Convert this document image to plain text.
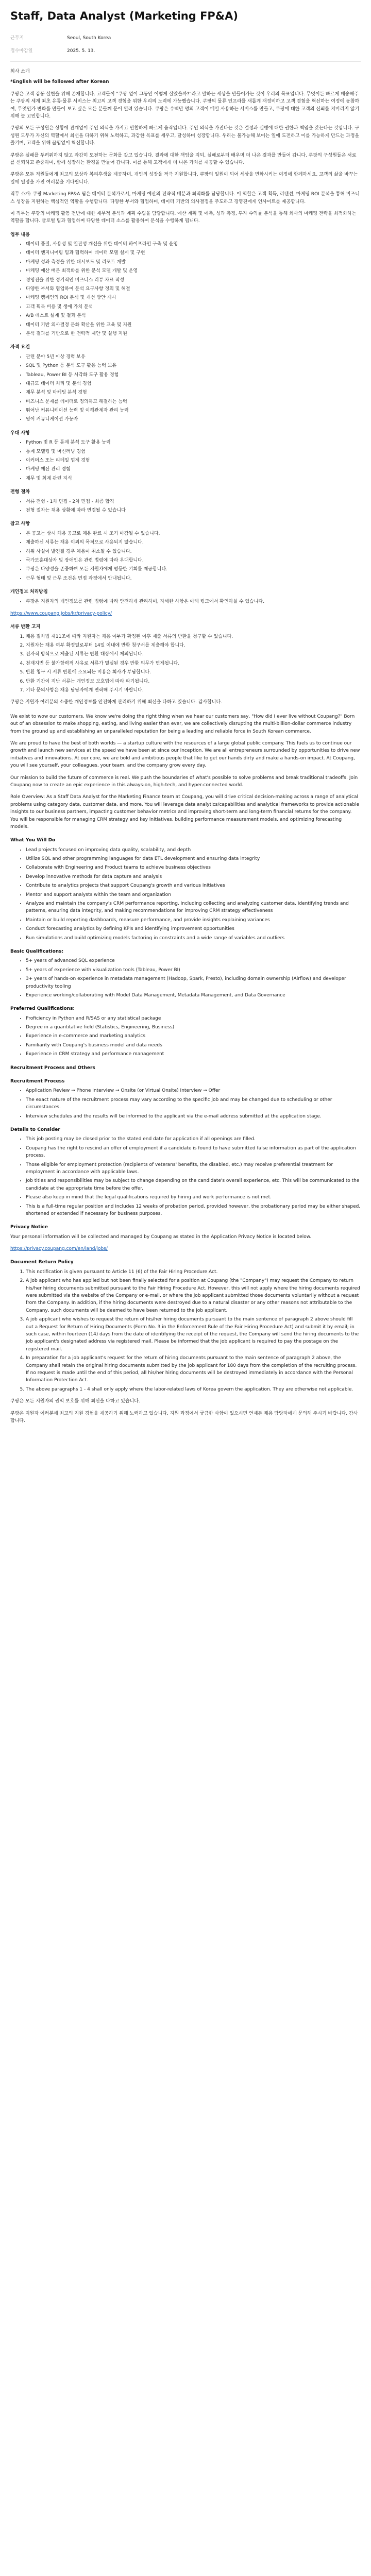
Staff, Data Analyst (Marketing FP&A)
근무지	Seoul, South Korea
접수마감일	2025. 5. 13.
회사 소개

*English will be followed after Korean

쿠팡은 고객 감동 실현을 위해 존재합니다. 고객들이 "쿠팡 없이 그동안 어떻게 살았을까?"라고 말하는 세상을 만들어가는 것이 우리의 목표입니다. 무엇이든 빠르게 배송해주는 쿠팡의 세계 최초 유통·물류 서비스는 최고의 고객 경험을 위한 우리의 노력에 가능했습니다. 쿠팡의 물류 인프라를 새롭게 재정비하고 고객 경험을 혁신하는 여정에 동참하여, 무엇인가 변화를 만들어 보고 싶은 모든 분들께 문이 열려 있습니다. 쿠팡은 수백만 명의 고객이 매일 사용하는 서비스를 만들고, 쿠팡에 대한 고객의 신뢰를 저버리지 않기 위해 늘 고민합니다.

쿠팡의 모든 구성원은 상황에 관계없이 주인 의식을 가지고 민첩하게 빠르게 움직입니다. 주인 의식을 가진다는 것은 결정과 실행에 대한 권한과 책임을 갖는다는 것입니다. 구성원 모두가 자신의 역할에서 최선을 다하기 위해 노력하고, 과감한 목표를 세우고, 달성하며 성장합니다. 우리는 불가능해 보이는 일에 도전하고 이를 가능하게 만드는 과정을 즐기며, 고객을 위해 끊임없이 혁신합니다.

쿠팡은 실패를 두려워하지 않고 과감히 도전하는 문화를 갖고 있습니다. 결과에 대한 책임을 지되, 실패로부터 배우며 더 나은 결과를 만들어 갑니다. 쿠팡의 구성원들은 서로를 신뢰하고 존중하며, 함께 성장하는 환경을 만들어 갑니다. 이를 통해 고객에게 더 나은 가치를 제공할 수 있습니다.

쿠팡은 모든 직원들에게 최고의 보상과 복리후생을 제공하며, 개인의 성장을 적극 지원합니다. 쿠팡의 일원이 되어 세상을 변화시키는 여정에 함께하세요. 고객의 삶을 바꾸는 일에 열정을 가진 여러분을 기다립니다.

직무 소개: 쿠팡 Marketing FP&A 팀은 데이터 분석가로서, 마케팅 예산의 전략적 배분과 최적화를 담당합니다. 이 역할은 고객 획득, 리텐션, 마케팅 ROI 분석을 통해 비즈니스 성장을 지원하는 핵심적인 역할을 수행합니다. 다양한 부서와 협업하며, 데이터 기반의 의사결정을 주도하고 경영진에게 인사이트를 제공합니다.

이 직무는 쿠팡의 마케팅 활동 전반에 대한 재무적 분석과 계획 수립을 담당합니다. 예산 계획 및 예측, 성과 측정, 투자 수익률 분석을 통해 회사의 마케팅 전략을 최적화하는 역할을 합니다. 글로벌 팀과 협업하며 다양한 데이터 소스를 활용하여 분석을 수행하게 됩니다.

업무 내용
• 데이터 품질, 사용성 및 일관성 개선을 위한 데이터 파이프라인 구축 및 운영
• 데이터 엔지니어링 팀과 협력하여 데이터 모델 설계 및 구현
• 마케팅 성과 측정을 위한 대시보드 및 리포트 개발
• 마케팅 예산 배분 최적화를 위한 분석 모델 개발 및 운영
• 경영진을 위한 정기적인 비즈니스 리뷰 자료 작성
• 다양한 부서와 협업하여 분석 요구사항 정의 및 해결
• 마케팅 캠페인의 ROI 분석 및 개선 방안 제시
• 고객 획득 비용 및 생애 가치 분석
• A/B 테스트 설계 및 결과 분석
• 데이터 기반 의사결정 문화 확산을 위한 교육 및 지원
• 분석 결과를 기반으로 한 전략적 제안 및 실행 지원
자격 요건
• 관련 분야 5년 이상 경력 보유
• SQL 및 Python 등 분석 도구 활용 능력 보유
• Tableau, Power BI 등 시각화 도구 활용 경험
• 대규모 데이터 처리 및 분석 경험
• 재무 분석 및 마케팅 분석 경험
• 비즈니스 문제를 데이터로 정의하고 해결하는 능력
• 뛰어난 커뮤니케이션 능력 및 이해관계자 관리 능력
• 영어 커뮤니케이션 가능자
우대 사항
• Python 및 R 등 통계 분석 도구 활용 능력
• 통계 모델링 및 머신러닝 경험
• 이커머스 또는 리테일 업계 경험
• 마케팅 예산 관리 경험
• 재무 및 회계 관련 지식
전형 절차
• 서류 전형 - 1차 면접 - 2차 면접 - 최종 합격
• 전형 절차는 채용 상황에 따라 변경될 수 있습니다
참고 사항
• 본 공고는 상시 채용 공고로 채용 완료 시 조기 마감될 수 있습니다.
• 제출하신 서류는 채용 이외의 목적으로 사용되지 않습니다.
• 허위 사실이 발견될 경우 채용이 취소될 수 있습니다.
• 국가보훈대상자 및 장애인은 관련 법령에 따라 우대합니다.
• 쿠팡은 다양성을 존중하며 모든 지원자에게 평등한 기회를 제공합니다.
• 근무 형태 및 근무 조건은 면접 과정에서 안내됩니다.
개인정보 처리방침
• 쿠팡은 지원자의 개인정보를 관련 법령에 따라 안전하게 관리하며, 자세한 사항은 아래 링크에서 확인하실 수 있습니다.

https://www.coupang.jobs/kr/privacy-policy/

서류 반환 고지
1. 채용 절차법 제11조에 따라 지원자는 채용 여부가 확정된 이후 제출 서류의 반환을 청구할 수 있습니다.
2. 지원자는 채용 여부 확정일로부터 14일 이내에 반환 청구서를 제출해야 합니다.
3. 전자적 방식으로 제출된 서류는 반환 대상에서 제외됩니다.
4. 천재지변 등 불가항력적 사유로 서류가 멸실된 경우 반환 의무가 면제됩니다.
5. 반환 청구 시 서류 반환에 소요되는 비용은 회사가 부담합니다.
6. 반환 기간이 지난 서류는 개인정보 보호법에 따라 파기됩니다.
7. 기타 문의사항은 채용 담당자에게 연락해 주시기 바랍니다.

쿠팡은 지원자 여러분의 소중한 개인정보를 안전하게 관리하기 위해 최선을 다하고 있습니다. 감사합니다.

We exist to wow our customers. We know we're doing the right thing when we hear our customers say, "How did I ever live without Coupang?" Born out of an obsession to make shopping, eating, and living easier than ever, we are collectively disrupting the multi-billion-dollar commerce industry from the ground up and establishing an unparalleled reputation for being a leading and reliable force in South Korean commerce.

We are proud to have the best of both worlds — a startup culture with the resources of a large global public company. This fuels us to continue our growth and launch new services at the speed we have been at since our inception. We are all entrepreneurs surrounded by opportunities to drive new initiatives and innovations. At our core, we are bold and ambitious people that like to get our hands dirty and make a hands-on impact. At Coupang, you will see yourself, your colleagues, your team, and the company grow every day.

Our mission to build the future of commerce is real. We push the boundaries of what's possible to solve problems and break traditional tradeoffs. Join Coupang now to create an epic experience in this always-on, high-tech, and hyper-connected world.

Role Overview: As a Staff Data Analyst for the Marketing Finance team at Coupang, you will drive critical decision-making across a range of analytical problems using category data, customer data, and more. You will leverage data analytics/capabilities and analytical frameworks to provide actionable insights to our business partners, impacting customer behavior metrics and improving short-term and long-term financial returns for the company. You will be responsible for managing CRM strategy and key initiatives, building performance measurement models, and optimizing forecasting models.

What You Will Do
• Lead projects focused on improving data quality, scalability, and depth
• Utilize SQL and other programming languages for data ETL development and ensuring data integrity
• Collaborate with Engineering and Product teams to achieve business objectives
• Develop innovative methods for data capture and analysis
• Contribute to analytics projects that support Coupang's growth and various initiatives
• Mentor and support analysts within the team and organization
• Analyze and maintain the company's CRM performance reporting, including collecting and analyzing customer data, identifying trends and patterns, ensuring data integrity, and making recommendations for improving CRM strategy effectiveness
• Maintain or build reporting dashboards, measure performance, and provide insights explaining variances
• Conduct forecasting analytics by defining KPIs and identifying improvement opportunities
• Run simulations and build optimizing models factoring in constraints and a wide range of variables and outliers
Basic Qualifications:
• 5+ years of advanced SQL experience
• 5+ years of experience with visualization tools (Tableau, Power BI)
• 3+ years of hands-on experience in metadata management (Hadoop, Spark, Presto), including domain ownership (Airflow) and developer productivity tooling
• Experience working/collaborating with Model Data Management, Metadata Management, and Data Governance
Preferred Qualifications:
• Proficiency in Python and R/SAS or any statistical package
• Degree in a quantitative field (Statistics, Engineering, Business)
• Experience in e-commerce and marketing analytics
• Familiarity with Coupang's business model and data needs
• Experience in CRM strategy and performance management
Recruitment Process and Others
Recruitment Process
• Application Review → Phone Interview → Onsite (or Virtual Onsite) Interview → Offer
• The exact nature of the recruitment process may vary according to the specific job and may be changed due to scheduling or other circumstances.
• Interview schedules and the results will be informed to the applicant via the e-mail address submitted at the application stage.
Details to Consider
• This job posting may be closed prior to the stated end date for application if all openings are filled.
• Coupang has the right to rescind an offer of employment if a candidate is found to have submitted false information as part of the application process.
• Those eligible for employment protection (recipients of veterans' benefits, the disabled, etc.) may receive preferential treatment for employment in accordance with applicable laws.
• Job titles and responsibilities may be subject to change depending on the candidate's overall experience, etc. This will be communicated to the candidate at the appropriate time before the offer.
• Please also keep in mind that the legal qualifications required by hiring and work performance is not met.
• This is a full-time regular position and includes 12 weeks of probation period, provided however, the probationary period may be either shaped, shortened or extended if necessary for business purposes.
Privacy Notice

Your personal information will be collected and managed by Coupang as stated in the Application Privacy Notice is located below.

https://privacy.coupang.com/en/land/jobs/

Document Return Policy
1. This notification is given pursuant to Article 11 (6) of the Fair Hiring Procedure Act.
2. A job applicant who has applied but not been finally selected for a position at Coupang (the "Company") may request the Company to return his/her hiring documents submitted pursuant to the Fair Hiring Procedure Act. However, this will not apply where the hiring documents required were submitted via the website of the Company or e-mail, or where the job applicant submitted those documents voluntarily without a request from the Company. In addition, if the hiring documents were destroyed due to a natural disaster or any other reasons not attributable to the Company, such documents will be deemed to have been returned to the job applicant.
3. A job applicant who wishes to request the return of his/her hiring documents pursuant to the main sentence of paragraph 2 above should fill out a Request for Return of Hiring Documents (Form No. 3 in the Enforcement Rule of the Fair Hiring Procedure Act) and submit it by email; in such case, within fourteen (14) days from the date of identifying the receipt of the request, the Company will send the hiring documents to the job applicant's designated address via registered mail. Please be informed that the job applicant is required to pay the postage on the registered mail.
4. In preparation for a job applicant's request for the return of hiring documents pursuant to the main sentence of paragraph 2 above, the Company shall retain the original hiring documents submitted by the job applicant for 180 days from the completion of the recruiting process. If no request is made until the end of this period, all his/her hiring documents will be destroyed immediately in accordance with the Personal Information Protection Act.
5. The above paragraphs 1 - 4 shall only apply where the labor-related laws of Korea govern the application. They are otherwise not applicable.

쿠팡은 모든 지원자의 권익 보호를 위해 최선을 다하고 있습니다.

쿠팡은 지원자 여러분께 최고의 지원 경험을 제공하기 위해 노력하고 있습니다. 지원 과정에서 궁금한 사항이 있으시면 언제든 채용 담당자에게 문의해 주시기 바랍니다. 감사합니다.
